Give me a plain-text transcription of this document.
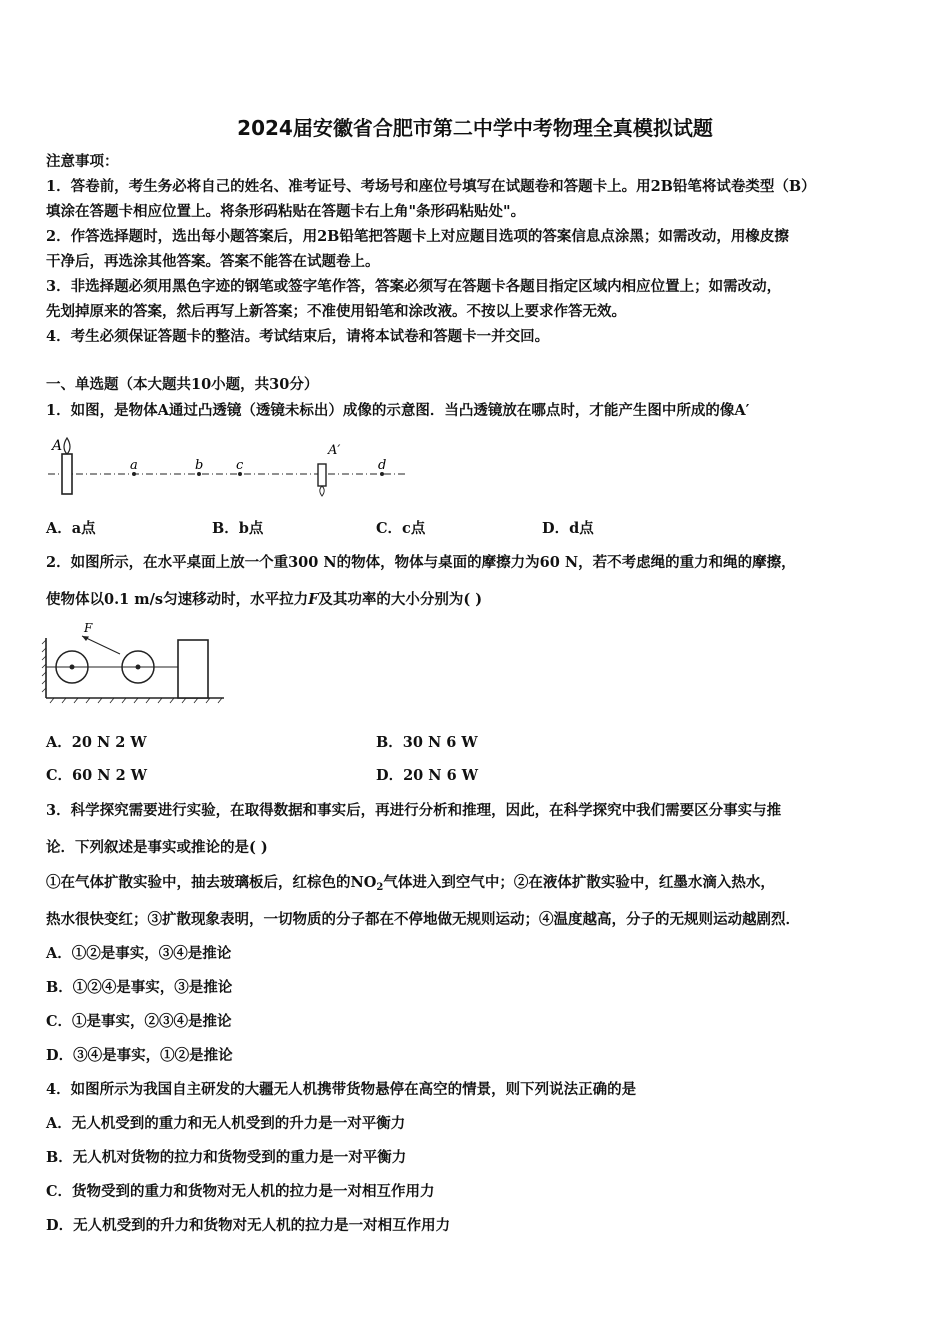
2024届安徽省合肥市第二中学中考物理全真模拟试题
注意事项：
1．答卷前，考生务必将自己的姓名、准考证号、考场号和座位号填写在试题卷和答题卡上。用2B铅笔将试卷类型（B）
填涂在答题卡相应位置上。将条形码粘贴在答题卡右上角"条形码粘贴处"。
2．作答选择题时，选出每小题答案后，用2B铅笔把答题卡上对应题目选项的答案信息点涂黑；如需改动，用橡皮擦
干净后，再选涂其他答案。答案不能答在试题卷上。
3．非选择题必须用黑色字迹的钢笔或签字笔作答，答案必须写在答题卡各题目指定区域内相应位置上；如需改动，
先划掉原来的答案，然后再写上新答案；不准使用铅笔和涂改液。不按以上要求作答无效。
4．考生必须保证答题卡的整洁。考试结束后，请将本试卷和答题卡一并交回。
一、单选题（本大题共10小题，共30分）
1．如图，是物体A通过凸透镜（透镜未标出）成像的示意图．当凸透镜放在哪点时，才能产生图中所成的像A′
A
a	b	c	d
A′
A．a点	B．b点	C．c点	D．d点
2．如图所示，在水平桌面上放一个重300 N的物体，物体与桌面的摩擦力为60 N，若不考虑绳的重力和绳的摩擦，
使物体以0.1 m/s匀速移动时，水平拉力F及其功率的大小分别为( )
F
A．20 N 2 W	B．30 N 6 W
C．60 N 2 W	D．20 N 6 W
3．科学探究需要进行实验，在取得数据和事实后，再进行分析和推理，因此，在科学探究中我们需要区分事实与推
论．下列叙述是事实或推论的是( )
①在气体扩散实验中，抽去玻璃板后，红棕色的$NO_2$气体进入到空气中；②在液体扩散实验中，红墨水滴入热水，
热水很快变红；③扩散现象表明，一切物质的分子都在不停地做无规则运动；④温度越高，分子的无规则运动越剧烈．
A．①②是事实，③④是推论
B．①②④是事实，③是推论
C．①是事实，②③④是推论
D．③④是事实，①②是推论
4．如图所示为我国自主研发的大疆无人机携带货物悬停在高空的情景，则下列说法正确的是
A．无人机受到的重力和无人机受到的升力是一对平衡力
B．无人机对货物的拉力和货物受到的重力是一对平衡力
C．货物受到的重力和货物对无人机的拉力是一对相互作用力
D．无人机受到的升力和货物对无人机的拉力是一对相互作用力
